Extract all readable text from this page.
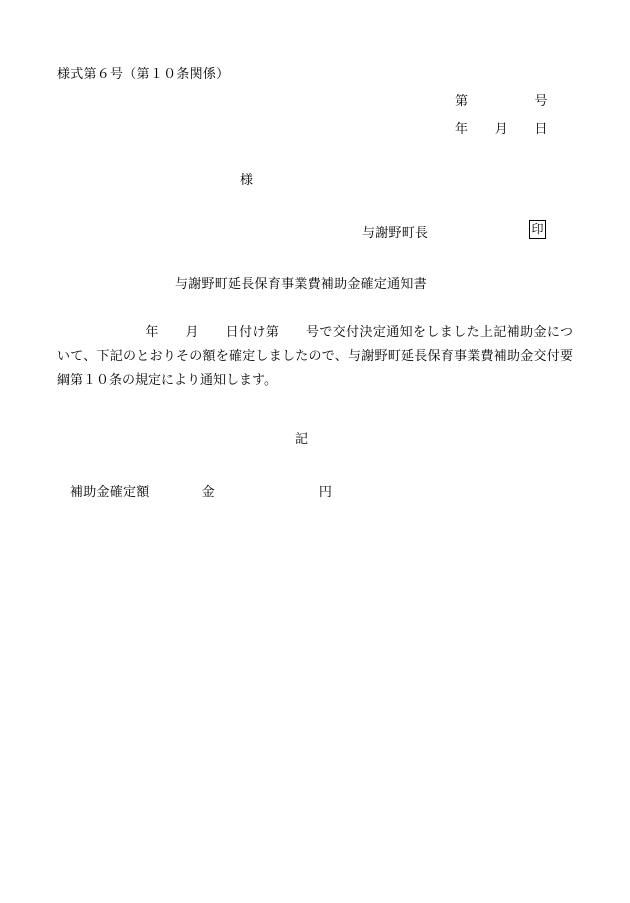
様式第６号（第１０条関係）
第　　　　　号
年　　月　　日
様
与謝野町長	印
与謝野町延長保育事業費補助金確定通知書
年　　月　　日付け第　　号で交付決定通知をしました上記補助金について、下記のとおりその額を確定しましたので、与謝野町延長保育事業費補助金交付要綱第１０条の規定により通知します。
記
補助金確定額	金	円
